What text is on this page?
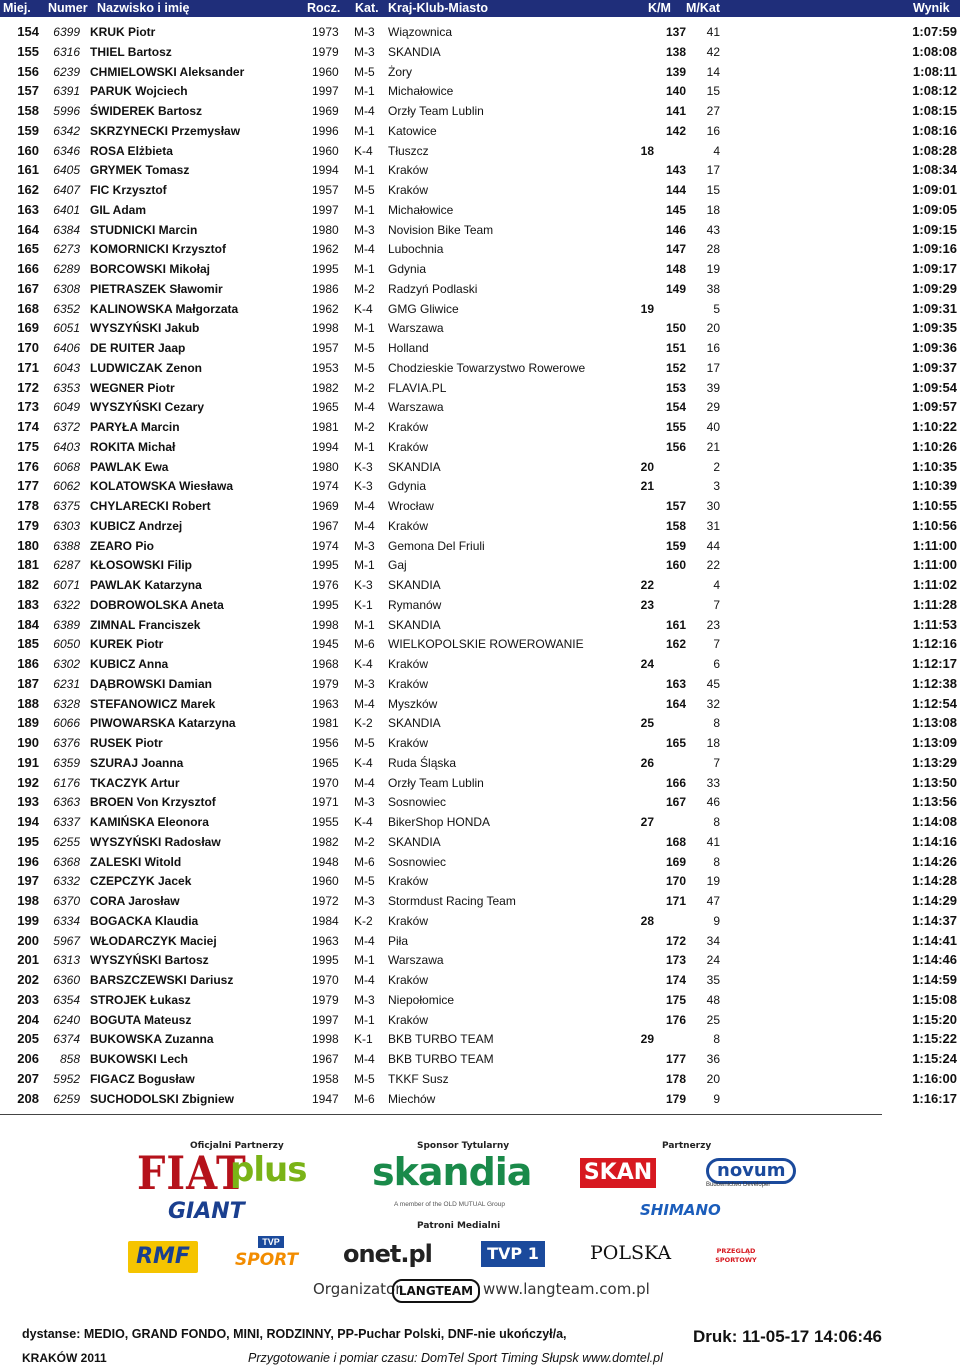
Miej. Numer Nazwisko i imię	Rocz. Kat. Kraj-Klub-Miasto	K/M M/Kat	Wynik
154	6399 KRUK Piotr	1973 M-3 Wiązownica	137	41	1:07:59
155	6316 THIEL Bartosz	1979 M-3 SKANDIA	138	42	1:08:08
156	6239 CHMIELOWSKI Aleksander	1960 M-5 Żory	139	14	1:08:11
157	6391 PARUK Wojciech	1997 M-1 Michałowice	140	15	1:08:12
158	5996 ŚWIDEREK Bartosz	1969 M-4 Orzły Team Lublin	141	27	1:08:15
159	6342 SKRZYNECKI Przemysław	1996 M-1 Katowice	142	16	1:08:16
160	6346 ROSA Elżbieta	1960 K-4 Tłuszcz	18	4	1:08:28
161	6405 GRYMEK Tomasz	1994 M-1 Kraków	143	17	1:08:34
162	6407 FIC Krzysztof	1957 M-5 Kraków	144	15	1:09:01
163	6401 GIL Adam	1997 M-1 Michałowice	145	18	1:09:05
164	6384 STUDNICKI Marcin	1980 M-3 Novision Bike Team	146	43	1:09:15
165	6273 KOMORNICKI Krzysztof	1962 M-4 Lubochnia	147	28	1:09:16
166	6289 BORCOWSKI Mikołaj	1995 M-1 Gdynia	148	19	1:09:17
167	6308 PIETRASZEK Sławomir	1986 M-2 Radzyń Podlaski	149	38	1:09:29
168	6352 KALINOWSKA Małgorzata	1962 K-4 GMG Gliwice	19	5	1:09:31
169	6051 WYSZYŃSKI Jakub	1998 M-1 Warszawa	150	20	1:09:35
170	6406 DE RUITER Jaap	1957 M-5 Holland	151	16	1:09:36
171	6043 LUDWICZAK Zenon	1953 M-5 Chodzieskie Towarzystwo Rowerowe	152	17	1:09:37
172	6353 WEGNER Piotr	1982 M-2 FLAVIA.PL	153	39	1:09:54
173	6049 WYSZYŃSKI Cezary	1965 M-4 Warszawa	154	29	1:09:57
174	6372 PARYŁA Marcin	1981 M-2 Kraków	155	40	1:10:22
175	6403 ROKITA Michał	1994 M-1 Kraków	156	21	1:10:26
176	6068 PAWLAK Ewa	1980 K-3 SKANDIA	20	2	1:10:35
177	6062 KOLATOWSKA Wiesława	1974 K-3 Gdynia	21	3	1:10:39
178	6375 CHYLARECKI Robert	1969 M-4 Wrocław	157	30	1:10:55
179	6303 KUBICZ Andrzej	1967 M-4 Kraków	158	31	1:10:56
180	6388 ZEARO Pio	1974 M-3 Gemona Del Friuli	159	44	1:11:00
181	6287 KŁOSOWSKI Filip	1995 M-1 Gaj	160	22	1:11:00
182	6071 PAWLAK Katarzyna	1976 K-3 SKANDIA	22	4	1:11:02
183	6322 DOBROWOLSKA Aneta	1995 K-1 Rymanów	23	7	1:11:28
184	6389 ZIMNAL Franciszek	1998 M-1 SKANDIA	161	23	1:11:53
185	6050 KUREK Piotr	1945 M-6 WIELKOPOLSKIE ROWEROWANIE	162	7	1:12:16
186	6302 KUBICZ Anna	1968 K-4 Kraków	24	6	1:12:17
187	6231 DĄBROWSKI Damian	1979 M-3 Kraków	163	45	1:12:38
188	6328 STEFANOWICZ Marek	1963 M-4 Myszków	164	32	1:12:54
189	6066 PIWOWARSKA Katarzyna	1981 K-2 SKANDIA	25	8	1:13:08
190	6376 RUSEK Piotr	1956 M-5 Kraków	165	18	1:13:09
191	6359 SZURAJ Joanna	1965 K-4 Ruda Śląska	26	7	1:13:29
192	6176 TKACZYK Artur	1970 M-4 Orzły Team Lublin	166	33	1:13:50
193	6363 BROEN Von Krzysztof	1971 M-3 Sosnowiec	167	46	1:13:56
194	6337 KAMIŃSKA Eleonora	1955 K-4 BikerShop HONDA	27	8	1:14:08
195	6255 WYSZYŃSKI Radosław	1982 M-2 SKANDIA	168	41	1:14:16
196	6368 ZALESKI Witold	1948 M-6 Sosnowiec	169	8	1:14:26
197	6332 CZEPCZYK Jacek	1960 M-5 Kraków	170	19	1:14:28
198	6370 CORA Jarosław	1972 M-3 Stormdust Racing Team	171	47	1:14:29
199	6334 BOGACKA Klaudia	1984 K-2 Kraków	28	9	1:14:37
200	5967 WŁODARCZYK Maciej	1963 M-4 Piła	172	34	1:14:41
201	6313 WYSZYŃSKI Bartosz	1995 M-1 Warszawa	173	24	1:14:46
202	6360 BARSZCZEWSKI Dariusz	1970 M-4 Kraków	174	35	1:14:59
203	6354 STROJEK Łukasz	1979 M-3 Niepołomice	175	48	1:15:08
204	6240 BOGUTA Mateusz	1997 M-1 Kraków	176	25	1:15:20
205	6374 BUKOWSKA Zuzanna	1998 K-1 BKB TURBO TEAM	29	8	1:15:22
206	858 BUKOWSKI Lech	1967 M-4 BKB TURBO TEAM	177	36	1:15:24
207	5952 FIGACZ Bogusław	1958 M-5 TKKF Susz	178	20	1:16:00
208	6259 SUCHODOLSKI Zbigniew	1947 M-6 Miechów	179	9	1:16:17
Oficjalni Partnerzy	Sponsor Tytularny	Partnerzy
FIAT
plus skandia
A member of the OLD MUTUAL Group
SKAN	novum
Budownictwo Developer
GIANT	SHIMANO
Patroni Medialni
RMF
TVP
SPORT onet.pl	TVP 1	POLSKA	PRZEGLĄD SPORTOWY
Organizator
LANGTEAM www.langteam.com.pl
dystanse: MEDIO, GRAND FONDO, MINI, RODZINNY, PP-Puchar Polski, DNF-nie ukończył/a,	Druk: 11-05-17 14:06:46
KRAKÓW 2011	Przygotowanie i pomiar czasu: DomTel Sport Timing Słupsk www.domtel.pl
